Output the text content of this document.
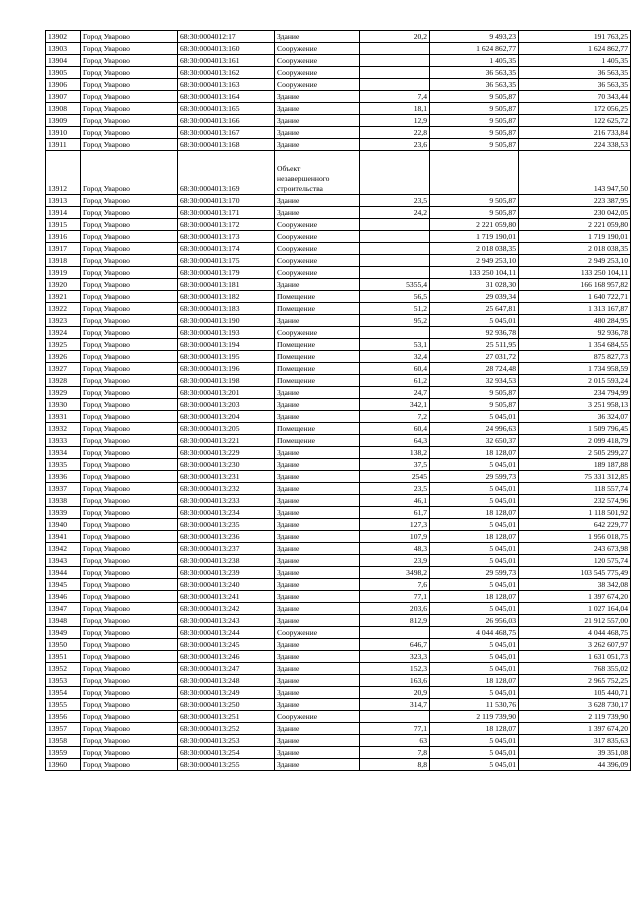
13902	Город Уварово	68:30:0004012:17	Здание	20,2	9 493,23	191 763,25
13903	Город Уварово	68:30:0004013:160	Сооружение		1 624 862,77	1 624 862,77
13904	Город Уварово	68:30:0004013:161	Сооружение		1 405,35	1 405,35
13905	Город Уварово	68:30:0004013:162	Сооружение		36 563,35	36 563,35
13906	Город Уварово	68:30:0004013:163	Сооружение		36 563,35	36 563,35
13907	Город Уварово	68:30:0004013:164	Здание	7,4	9 505,87	70 343,44
13908	Город Уварово	68:30:0004013:165	Здание	18,1	9 505,87	172 056,25
13909	Город Уварово	68:30:0004013:166	Здание	12,9	9 505,87	122 625,72
13910	Город Уварово	68:30:0004013:167	Здание	22,8	9 505,87	216 733,84
13911	Город Уварово	68:30:0004013:168	Здание	23,6	9 505,87	224 338,53
13912	Город Уварово	68:30:0004013:169	Объект
незавершенного
строительства			143 947,50
13913	Город Уварово	68:30:0004013:170	Здание	23,5	9 505,87	223 387,95
13914	Город Уварово	68:30:0004013:171	Здание	24,2	9 505,87	230 042,05
13915	Город Уварово	68:30:0004013:172	Сооружение		2 221 059,80	2 221 059,80
13916	Город Уварово	68:30:0004013:173	Сооружение		1 719 190,01	1 719 190,01
13917	Город Уварово	68:30:0004013:174	Сооружение		2 018 038,35	2 018 038,35
13918	Город Уварово	68:30:0004013:175	Сооружение		2 949 253,10	2 949 253,10
13919	Город Уварово	68:30:0004013:179	Сооружение		133 250 104,11	133 250 104,11
13920	Город Уварово	68:30:0004013:181	Здание	5355,4	31 028,30	166 168 957,82
13921	Город Уварово	68:30:0004013:182	Помещение	56,5	29 039,34	1 640 722,71
13922	Город Уварово	68:30:0004013:183	Помещение	51,2	25 647,81	1 313 167,87
13923	Город Уварово	68:30:0004013:190	Здание	95,2	5 045,01	480 284,95
13924	Город Уварово	68:30:0004013:193	Сооружение		92 936,78	92 936,78
13925	Город Уварово	68:30:0004013:194	Помещение	53,1	25 511,95	1 354 684,55
13926	Город Уварово	68:30:0004013:195	Помещение	32,4	27 031,72	875 827,73
13927	Город Уварово	68:30:0004013:196	Помещение	60,4	28 724,48	1 734 958,59
13928	Город Уварово	68:30:0004013:198	Помещение	61,2	32 934,53	2 015 593,24
13929	Город Уварово	68:30:0004013:201	Здание	24,7	9 505,87	234 794,99
13930	Город Уварово	68:30:0004013:203	Здание	342,1	9 505,87	3 251 958,13
13931	Город Уварово	68:30:0004013:204	Здание	7,2	5 045,01	36 324,07
13932	Город Уварово	68:30:0004013:205	Помещение	60,4	24 996,63	1 509 796,45
13933	Город Уварово	68:30:0004013:221	Помещение	64,3	32 650,37	2 099 418,79
13934	Город Уварово	68:30:0004013:229	Здание	138,2	18 128,07	2 505 299,27
13935	Город Уварово	68:30:0004013:230	Здание	37,5	5 045,01	189 187,88
13936	Город Уварово	68:30:0004013:231	Здание	2545	29 599,73	75 331 312,85
13937	Город Уварово	68:30:0004013:232	Здание	23,5	5 045,01	118 557,74
13938	Город Уварово	68:30:0004013:233	Здание	46,1	5 045,01	232 574,96
13939	Город Уварово	68:30:0004013:234	Здание	61,7	18 128,07	1 118 501,92
13940	Город Уварово	68:30:0004013:235	Здание	127,3	5 045,01	642 229,77
13941	Город Уварово	68:30:0004013:236	Здание	107,9	18 128,07	1 956 018,75
13942	Город Уварово	68:30:0004013:237	Здание	48,3	5 045,01	243 673,98
13943	Город Уварово	68:30:0004013:238	Здание	23,9	5 045,01	120 575,74
13944	Город Уварово	68:30:0004013:239	Здание	3498,2	29 599,73	103 545 775,49
13945	Город Уварово	68:30:0004013:240	Здание	7,6	5 045,01	38 342,08
13946	Город Уварово	68:30:0004013:241	Здание	77,1	18 128,07	1 397 674,20
13947	Город Уварово	68:30:0004013:242	Здание	203,6	5 045,01	1 027 164,04
13948	Город Уварово	68:30:0004013:243	Здание	812,9	26 956,03	21 912 557,00
13949	Город Уварово	68:30:0004013:244	Сооружение		4 044 468,75	4 044 468,75
13950	Город Уварово	68:30:0004013:245	Здание	646,7	5 045,01	3 262 607,97
13951	Город Уварово	68:30:0004013:246	Здание	323,3	5 045,01	1 631 051,73
13952	Город Уварово	68:30:0004013:247	Здание	152,3	5 045,01	768 355,02
13953	Город Уварово	68:30:0004013:248	Здание	163,6	18 128,07	2 965 752,25
13954	Город Уварово	68:30:0004013:249	Здание	20,9	5 045,01	105 440,71
13955	Город Уварово	68:30:0004013:250	Здание	314,7	11 530,76	3 628 730,17
13956	Город Уварово	68:30:0004013:251	Сооружение		2 119 739,90	2 119 739,90
13957	Город Уварово	68:30:0004013:252	Здание	77,1	18 128,07	1 397 674,20
13958	Город Уварово	68:30:0004013:253	Здание	63	5 045,01	317 835,63
13959	Город Уварово	68:30:0004013:254	Здание	7,8	5 045,01	39 351,08
13960	Город Уварово	68:30:0004013:255	Здание	8,8	5 045,01	44 396,09
